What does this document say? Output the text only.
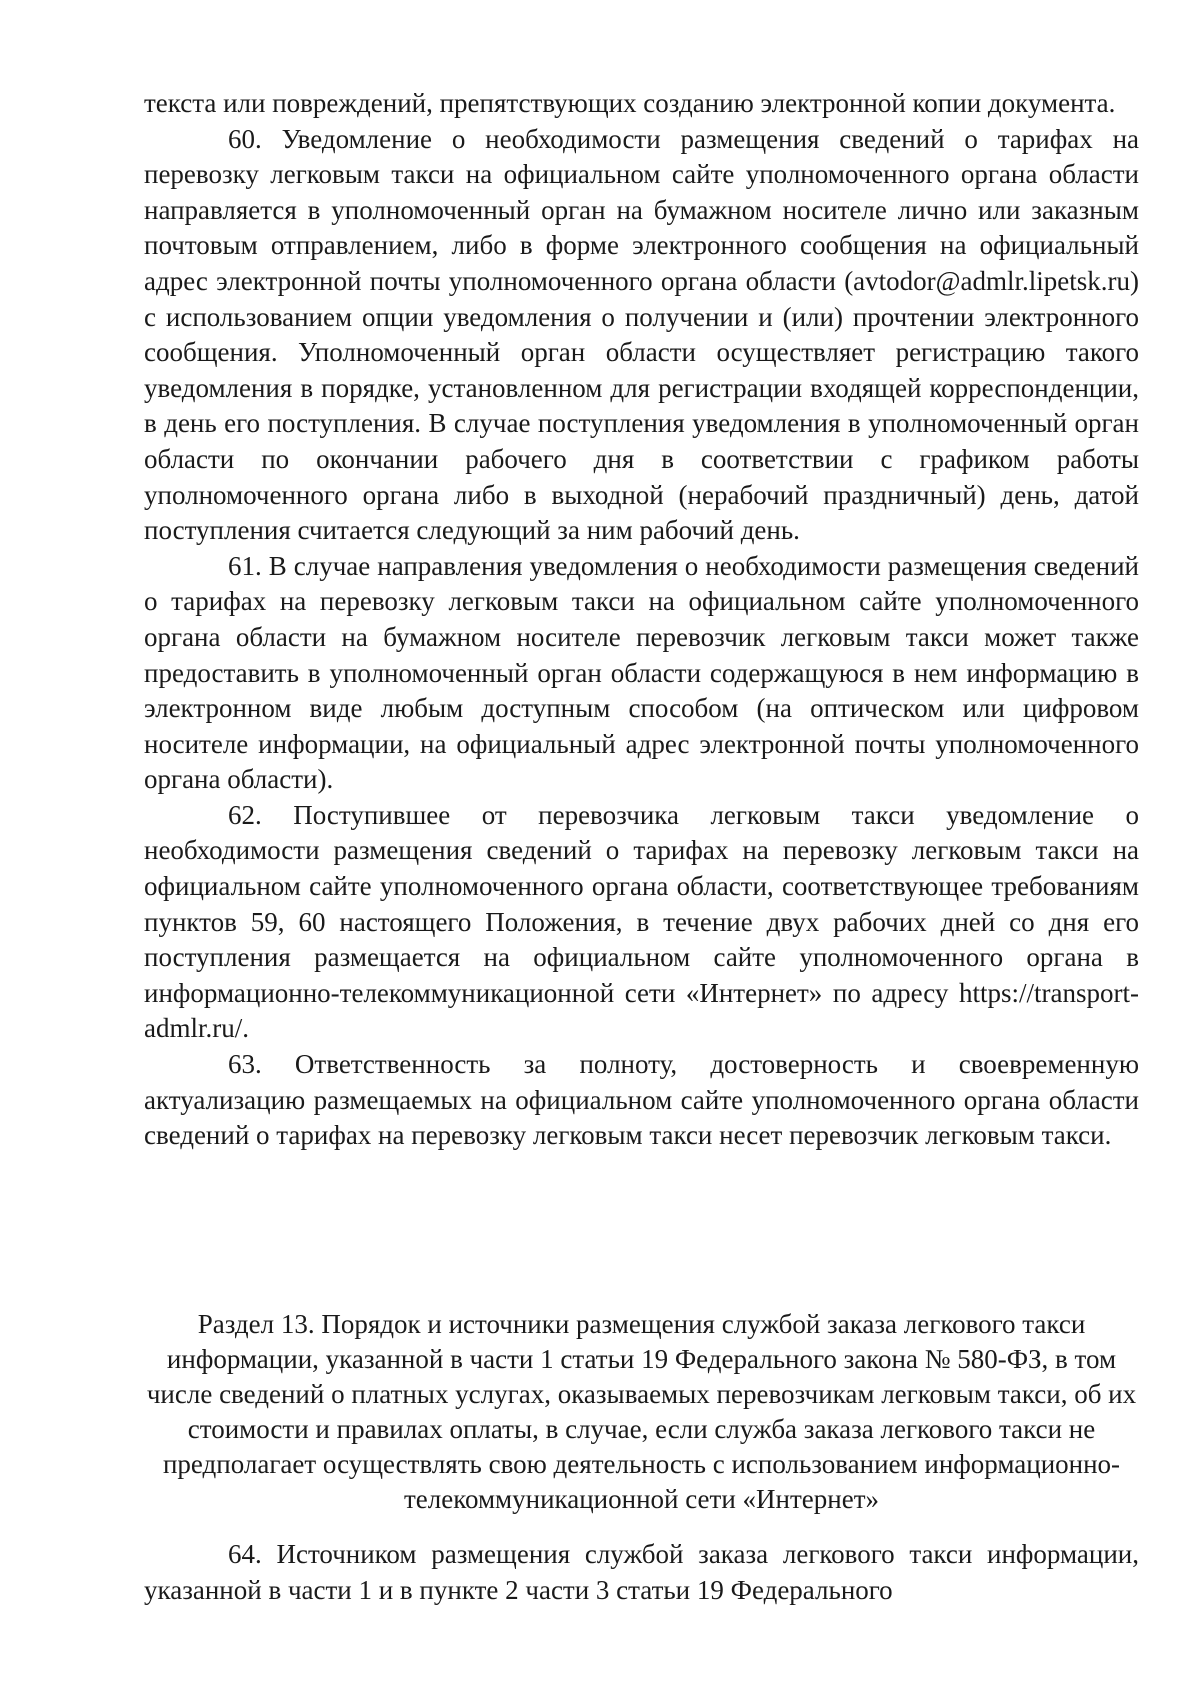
текста или повреждений, препятствующих созданию электронной копии документа.

60. Уведомление о необходимости размещения сведений о тарифах на перевозку легковым такси на официальном сайте уполномоченного органа области направляется в уполномоченный орган на бумажном носителе лично или заказным почтовым отправлением, либо в форме электронного сообщения на официальный адрес электронной почты уполномоченного органа области (avtodor@admlr.lipetsk.ru) с использованием опции уведомления о получении и (или) прочтении электронного сообщения. Уполномоченный орган области осуществляет регистрацию такого уведомления в порядке, установленном для регистрации входящей корреспонденции, в день его поступления. В случае поступления уведомления в уполномоченный орган области по окончании рабочего дня в соответствии с графиком работы уполномоченного органа либо в выходной (нерабочий праздничный) день, датой поступления считается следующий за ним рабочий день.

61. В случае направления уведомления о необходимости размещения сведений о тарифах на перевозку легковым такси на официальном сайте уполномоченного органа области на бумажном носителе перевозчик легковым такси может также предоставить в уполномоченный орган области содержащуюся в нем информацию в электронном виде любым доступным способом (на оптическом или цифровом носителе информации, на официальный адрес электронной почты уполномоченного органа области).

62. Поступившее от перевозчика легковым такси уведомление о необходимости размещения сведений о тарифах на перевозку легковым такси на официальном сайте уполномоченного органа области, соответствующее требованиям пунктов 59, 60 настоящего Положения, в течение двух рабочих дней со дня его поступления размещается на официальном сайте уполномоченного органа в информационно-телекоммуникационной сети «Интернет» по адресу https://transport-admlr.ru/.

63. Ответственность за полноту, достоверность и своевременную актуализацию размещаемых на официальном сайте уполномоченного органа области сведений о тарифах на перевозку легковым такси несет перевозчик легковым такси.

Раздел 13. Порядок и источники размещения службой заказа легкового такси информации, указанной в части 1 статьи 19 Федерального закона № 580-ФЗ, в том числе сведений о платных услугах, оказываемых перевозчикам легковым такси, об их стоимости и правилах оплаты, в случае, если служба заказа легкового такси не предполагает осуществлять свою деятельность с использованием информационно-телекоммуникационной сети «Интернет»

64. Источником размещения службой заказа легкового такси информации, указанной в части 1 и в пункте 2 части 3 статьи 19 Федерального
